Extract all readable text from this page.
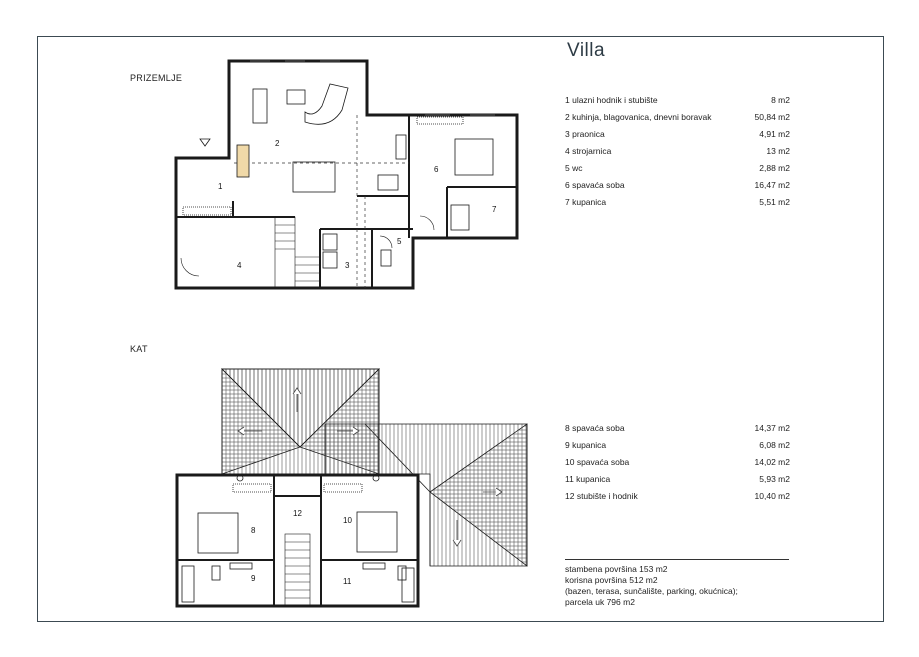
Villa
PRIZEMLJE
KAT
1 ulazni hodnik i stubište	8 m2
2 kuhinja, blagovanica, dnevni boravak	50,84 m2
3 praonica	4,91 m2
4 strojarnica	13 m2
5 wc	2,88 m2
6 spavaća soba	16,47 m2
7 kupanica	5,51 m2
8 spavaća soba	14,37 m2
9 kupanica	6,08 m2
10 spavaća soba	14,02 m2
11 kupanica	5,93 m2
12 stubište i hodnik	10,40 m2
stambena površina 153 m2
korisna površina 512 m2
(bazen, terasa, sunčalište, parking, okućnica);
parcela uk 796 m2
1
2
3
4
5
6
7
8
9
10
11
12
